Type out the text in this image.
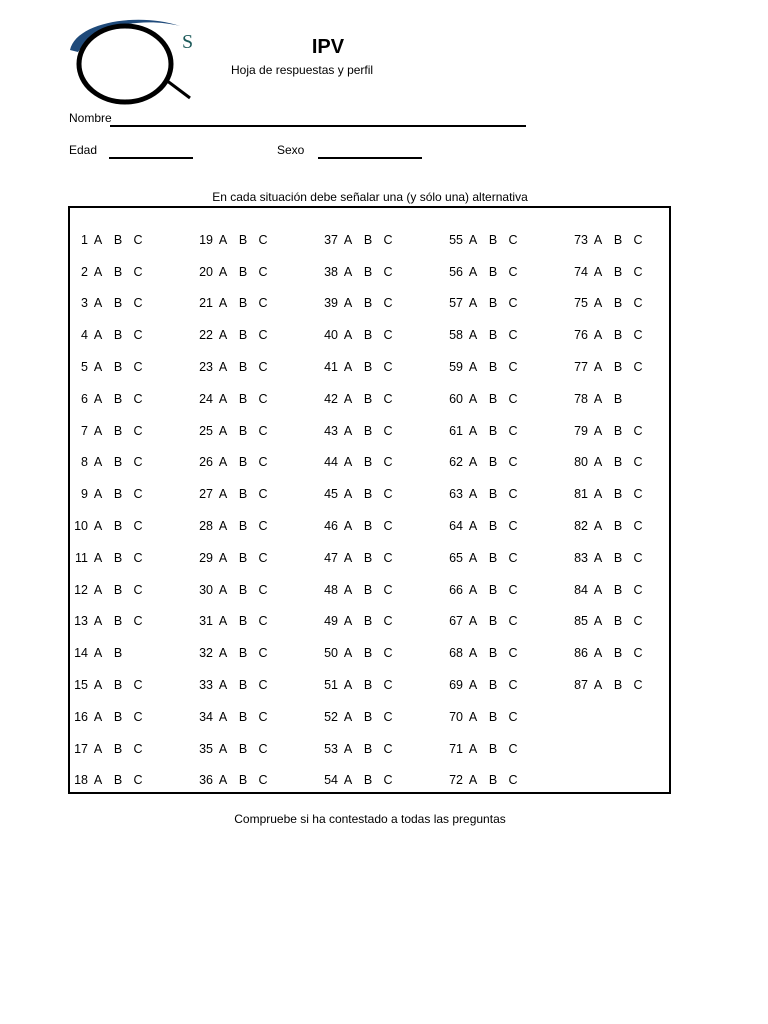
S	IPV
Hoja de respuestas y perfil
Nombre
Edad	Sexo
En cada situación debe señalar una (y sólo una) alternativa
1 A B C
2 A B C
3 A B C
4 A B C
5 A B C
6 A B C
7 A B C
8 A B C
9 A B C
10 A B C
11 A B C
12 A B C
13 A B C
14 A B
15 A B C
16 A B C
17 A B C
18 A B C
19 A B C
20 A B C
21 A B C
22 A B C
23 A B C
24 A B C
25 A B C
26 A B C
27 A B C
28 A B C
29 A B C
30 A B C
31 A B C
32 A B C
33 A B C
34 A B C
35 A B C
36 A B C
37 A B C
38 A B C
39 A B C
40 A B C
41 A B C
42 A B C
43 A B C
44 A B C
45 A B C
46 A B C
47 A B C
48 A B C
49 A B C
50 A B C
51 A B C
52 A B C
53 A B C
54 A B C
55 A B C
56 A B C
57 A B C
58 A B C
59 A B C
60 A B C
61 A B C
62 A B C
63 A B C
64 A B C
65 A B C
66 A B C
67 A B C
68 A B C
69 A B C
70 A B C
71 A B C
72 A B C
73 A B C
74 A B C
75 A B C
76 A B C
77 A B C
78 A B
79 A B C
80 A B C
81 A B C
82 A B C
83 A B C
84 A B C
85 A B C
86 A B C
87 A B C
Compruebe si ha contestado a todas las preguntas
